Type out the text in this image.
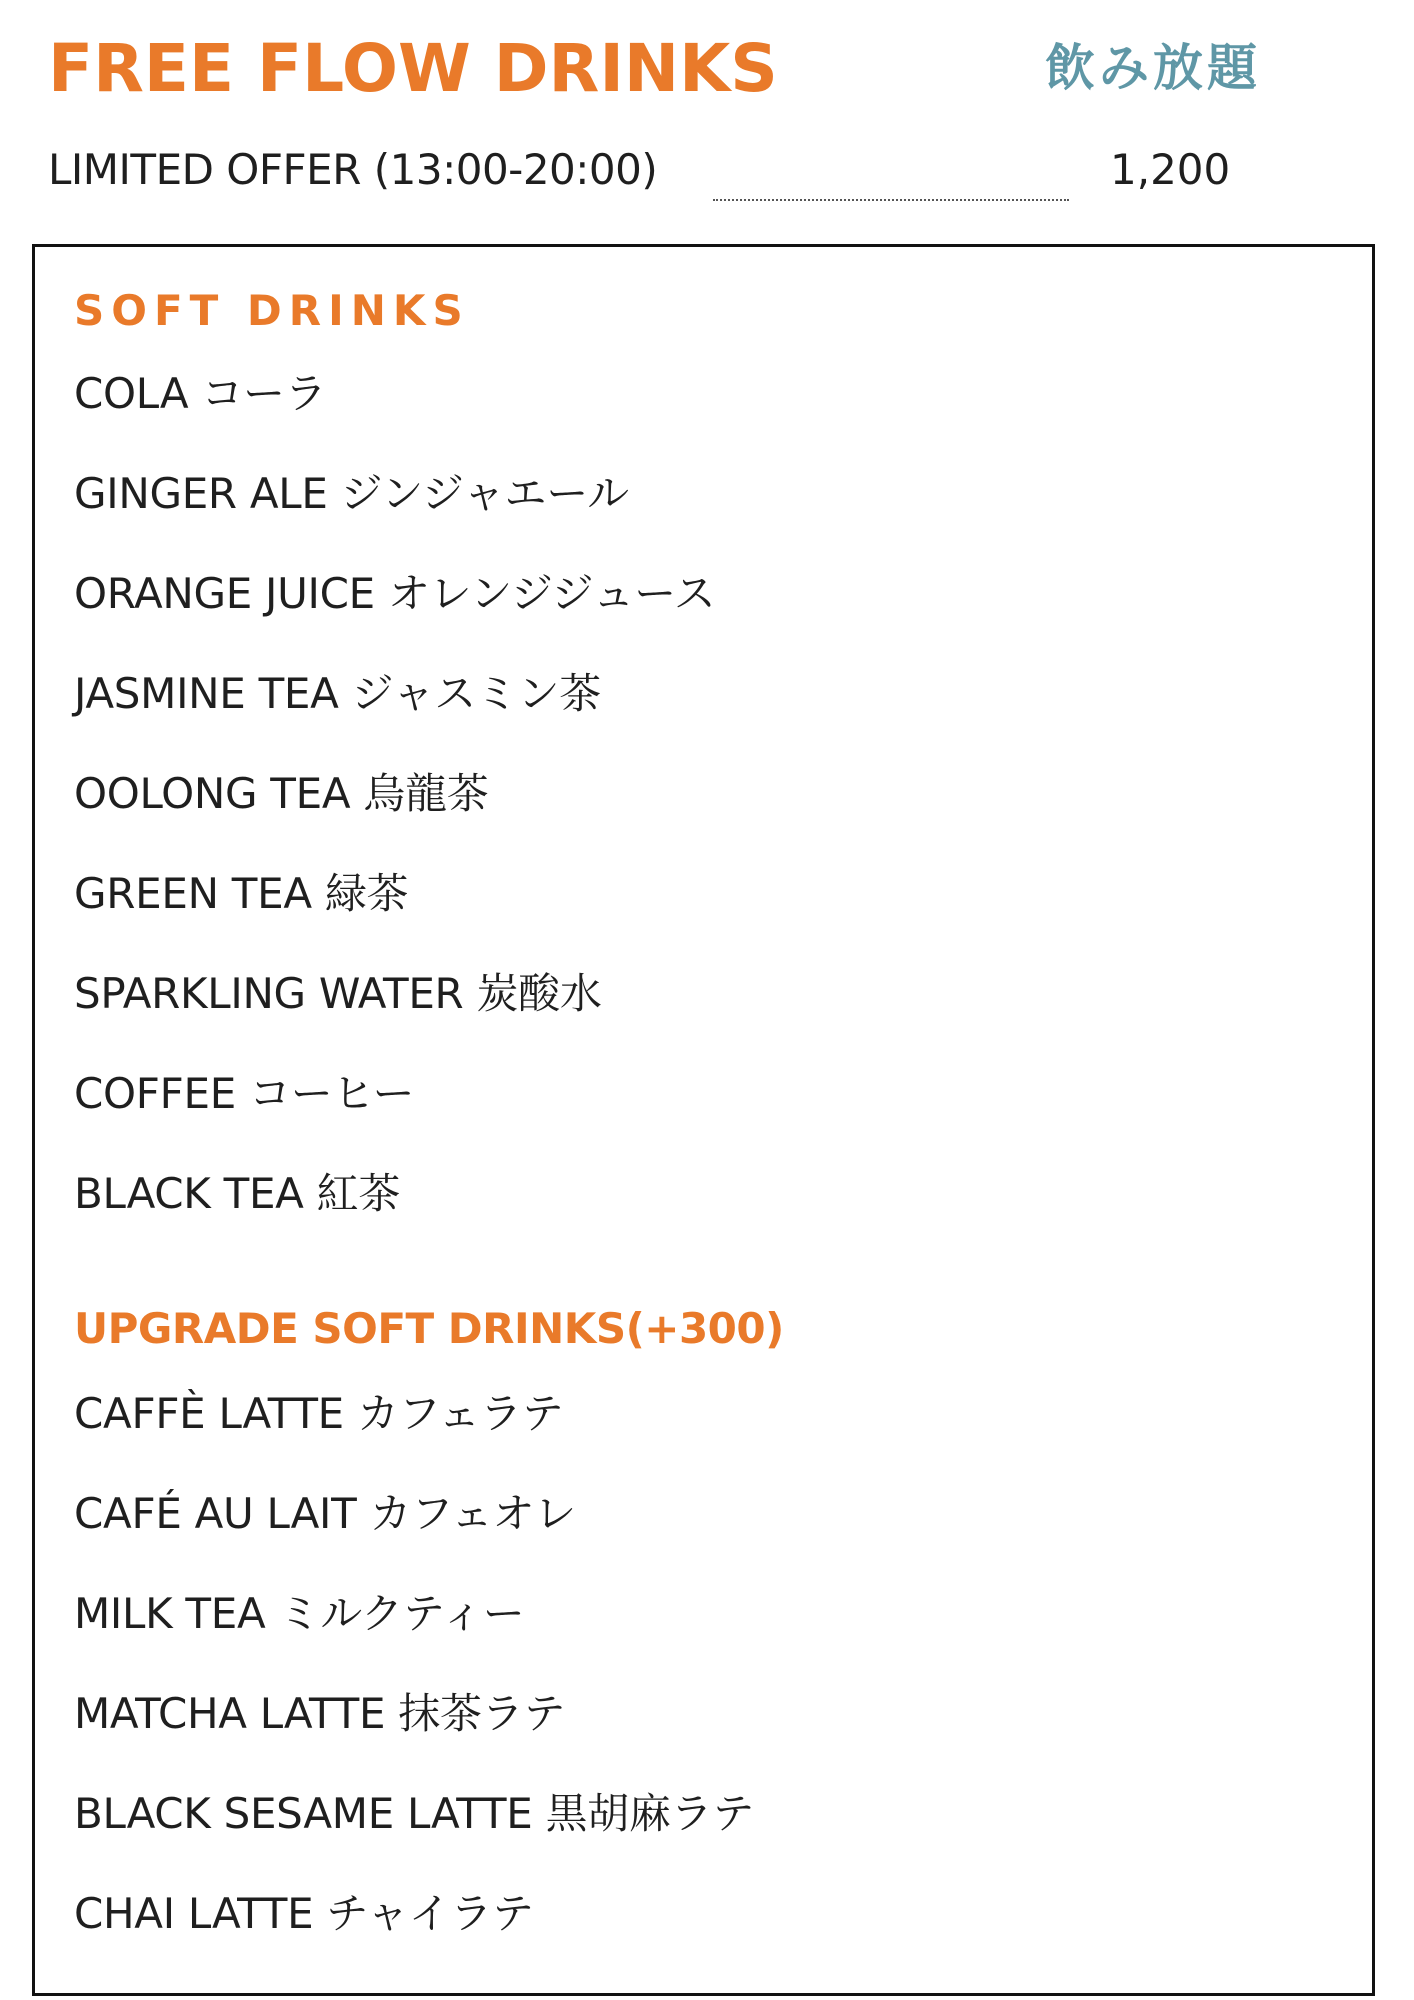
FREE FLOW DRINKS	飲み放題
LIMITED OFFER (13:00-20:00)	1,200
SOFT DRINKS
COLA コーラ
GINGER ALE ジンジャエール
ORANGE JUICE オレンジジュース
JASMINE TEA ジャスミン茶
OOLONG TEA 烏龍茶
GREEN TEA 緑茶
SPARKLING WATER 炭酸水
COFFEE コーヒー
BLACK TEA 紅茶
UPGRADE SOFT DRINKS(+300)
CAFFÈ LATTE カフェラテ
CAFÉ AU LAIT カフェオレ
MILK TEA ミルクティー
MATCHA LATTE 抹茶ラテ
BLACK SESAME LATTE 黒胡麻ラテ
CHAI LATTE チャイラテ
